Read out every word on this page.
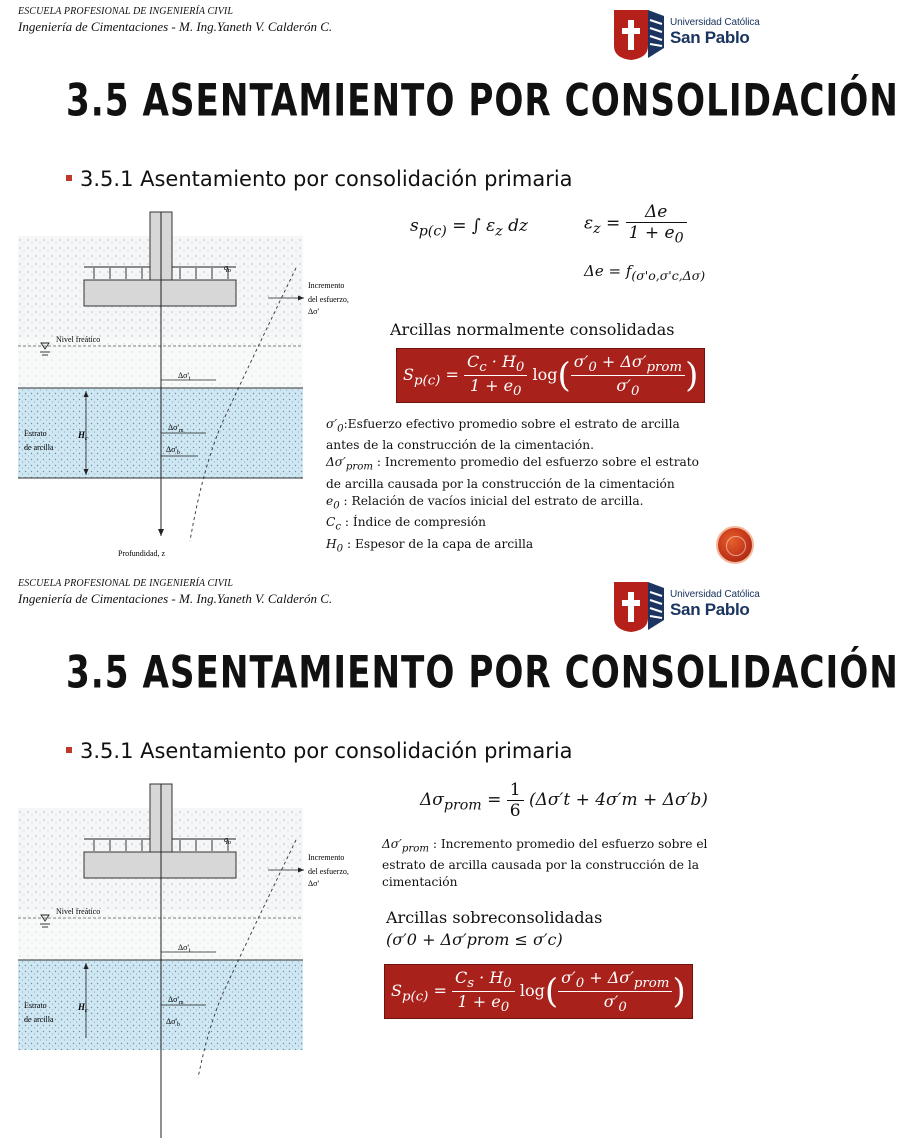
ESCUELA PROFESIONAL DE INGENIERÍA CIVIL
Ingeniería de Cimentaciones - M. Ing.Yaneth V. Calderón C.	Universidad Católica
San Pablo
3.5 ASENTAMIENTO POR CONSOLIDACIÓN
3.5.1 Asentamiento por consolidación primaria
$q_o$
Incremento
del esfuerzo,
Δσ'
Nivel freático
Estrato
de arcilla
$H_c$
$\Delta\sigma'_t$
$\Delta\sigma'_m$
$\Delta\sigma'_b$
Profundidad, z
$s_{p(c)}$ = ∫ $\varepsilon_z$ dz	$\varepsilon_z = \frac{\Delta e}{1 + e_0}$
$\Delta e = f_{(\sigma'o,\sigma'c,\Delta\sigma)}$
Arcillas normalmente consolidadas
$S_{p(c)} = \frac{C_c \cdot H_0}{1 + e_0} \log( \frac{\sigma'_0 + \Delta\sigma'_{prom}}{\sigma'_0}$ )
$\sigma'_0:Esfuerzo$ efectivo promedio sobre el estrato de arcilla
antes de la construcción de la cimentación.
$\Delta\sigma'_{prom}$ : Incremento promedio del esfuerzo sobre el estrato
de arcilla causada por la construcción de la cimentación
$e_0$ : Relación de vacíos inicial del estrato de arcilla.
$C_c$ : Índice de compresión
$H_0$ : Espesor de la capa de arcilla
ESCUELA PROFESIONAL DE INGENIERÍA CIVIL
Ingeniería de Cimentaciones - M. Ing.Yaneth V. Calderón C.	Universidad Católica
San Pablo
3.5 ASENTAMIENTO POR CONSOLIDACIÓN
3.5.1 Asentamiento por consolidación primaria
$q_o$
Incremento
del esfuerzo,
Δσ'
Nivel freático
Estrato
de arcilla
$H_c$
$\Delta\sigma'_t$
$\Delta\sigma'_m$
$\Delta\sigma'_b$
$\Delta\sigma_{prom} = \frac{1}{6} (\Delta\sigma't + 4\sigma'm + \Delta\sigma'b)$
$\Delta\sigma'_{prom}$ : Incremento promedio del esfuerzo sobre el
estrato de arcilla causada por la construcción de la
cimentación
Arcillas sobreconsolidadas
(σ′0 + Δσ′prom ≤ σ′c)
$S_{p(c)} = \frac{C_s \cdot H_0}{1 + e_0} \log( \frac{\sigma'_0 + \Delta\sigma'_{prom}}{\sigma'_0}$ )
